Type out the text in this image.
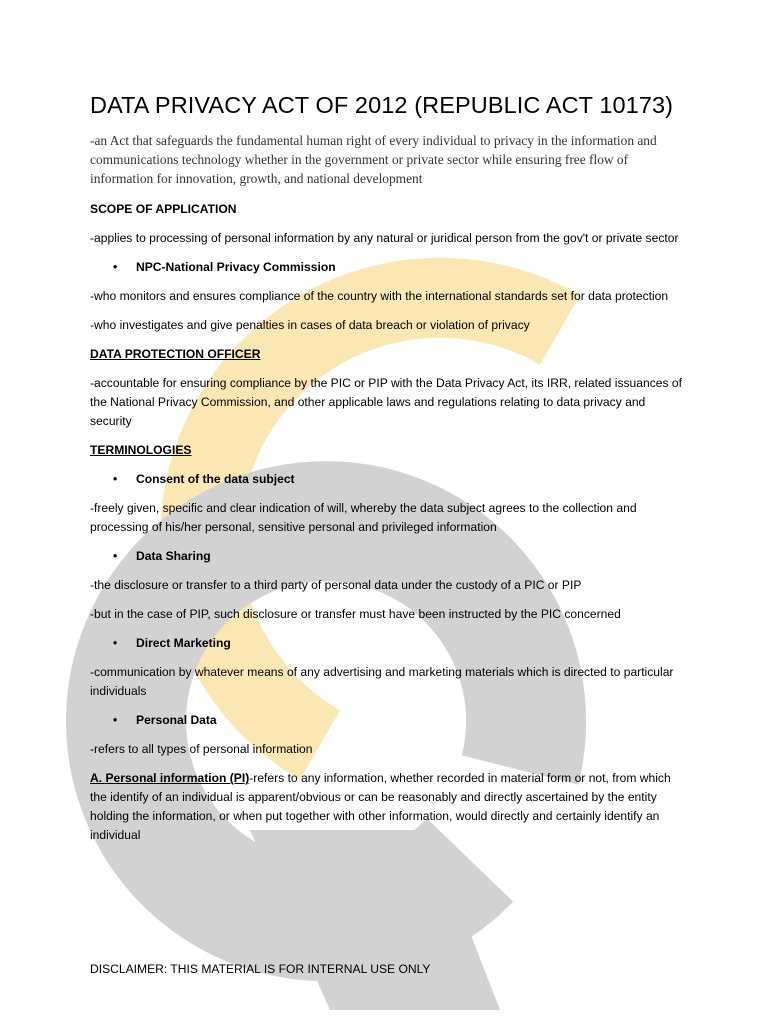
DATA PRIVACY ACT OF 2012 (REPUBLIC ACT 10173)

-an Act that safeguards the fundamental human right of every individual to privacy in the information and communications technology whether in the government or private sector while ensuring free flow of information for innovation, growth, and national development

SCOPE OF APPLICATION

-applies to processing of personal information by any natural or juridical person from the gov't or private sector

• NPC-National Privacy Commission

-who monitors and ensures compliance of the country with the international standards set for data protection

-who investigates and give penalties in cases of data breach or violation of privacy

DATA PROTECTION OFFICER

-accountable for ensuring compliance by the PIC or PIP with the Data Privacy Act, its IRR, related issuances of the National Privacy Commission, and other applicable laws and regulations relating to data privacy and security

TERMINOLOGIES
• Consent of the data subject

-freely given, specific and clear indication of will, whereby the data subject agrees to the collection and processing of his/her personal, sensitive personal and privileged information

• Data Sharing

-the disclosure or transfer to a third party of personal data under the custody of a PIC or PIP

-but in the case of PIP, such disclosure or transfer must have been instructed by the PIC concerned

• Direct Marketing

-communication by whatever means of any advertising and marketing materials which is directed to particular individuals

• Personal Data

-refers to all types of personal information

A. Personal information (PI)-refers to any information, whether recorded in material form or not, from which the identify of an individual is apparent/obvious or can be reasonably and directly ascertained by the entity holding the information, or when put together with other information, would directly and certainly identify an individual

DISCLAIMER: THIS MATERIAL IS FOR INTERNAL USE ONLY
